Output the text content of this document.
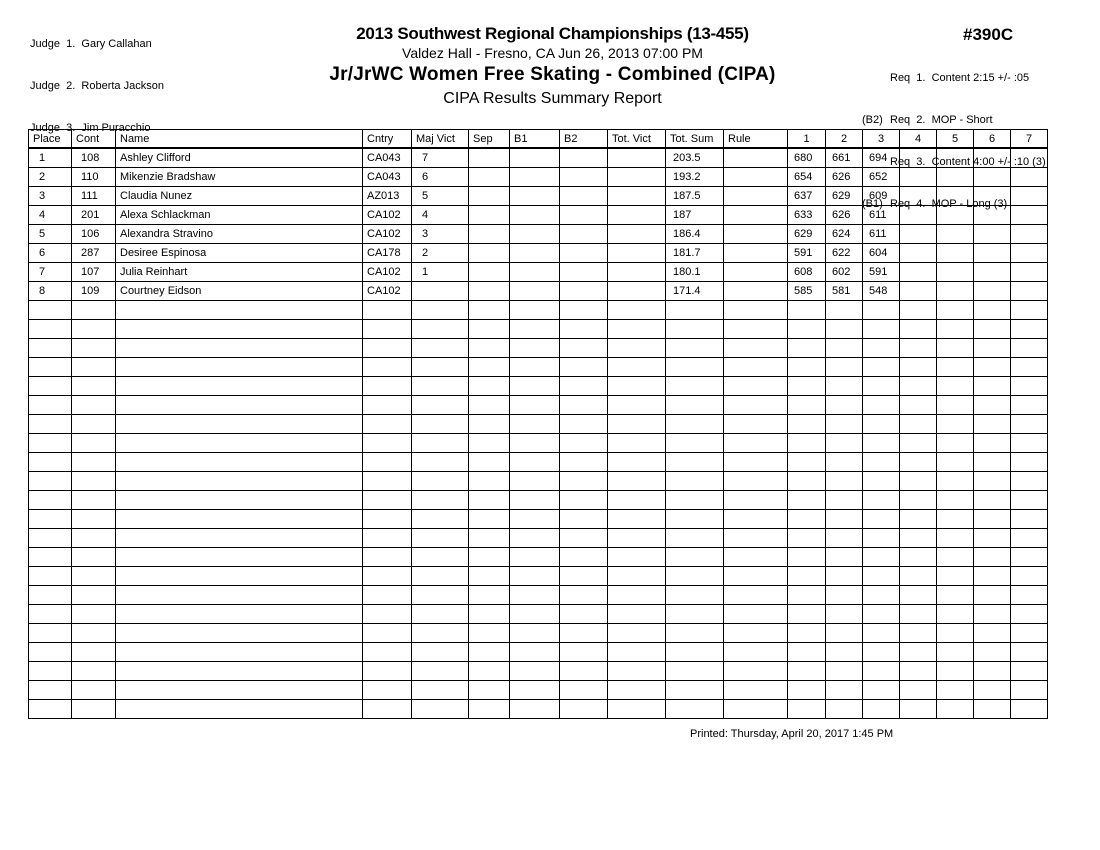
Judge  1. Gary Callahan

Judge  2. Roberta Jackson

Judge  3. Jim Puracchio

2013 Southwest Regional Championships (13-455)
Valdez Hall - Fresno, CA Jun 26, 2013 07:00 PM
Jr/JrWC Women Free Skating - Combined (CIPA)
CIPA Results Summary Report
#390C

Req  1.  Content 2:15 +/- :05

(B2) Req  2.  MOP - Short

Req  3.  Content 4:00 +/- :10 (3)

(B1) Req  4.  MOP - Long (3)

Place	Cont	Name	Cntry	Maj Vict	Sep	B1	B2	Tot. Vict	Tot. Sum	Rule	1	2	3	4	5	6	7
1	108	Ashley Clifford	CA043	7					203.5		680	661	694				
2	110	Mikenzie Bradshaw	CA043	6					193.2		654	626	652				
3	111	Claudia Nunez	AZ013	5					187.5		637	629	609				
4	201	Alexa Schlackman	CA102	4					187		633	626	611				
5	106	Alexandra Stravino	CA102	3					186.4		629	624	611				
6	287	Desiree Espinosa	CA178	2					181.7		591	622	604				
7	107	Julia Reinhart	CA102	1					180.1		608	602	591				
8	109	Courtney Eidson	CA102						171.4		585	581	548				

Printed: Thursday, April 20, 2017 1:45 PM
